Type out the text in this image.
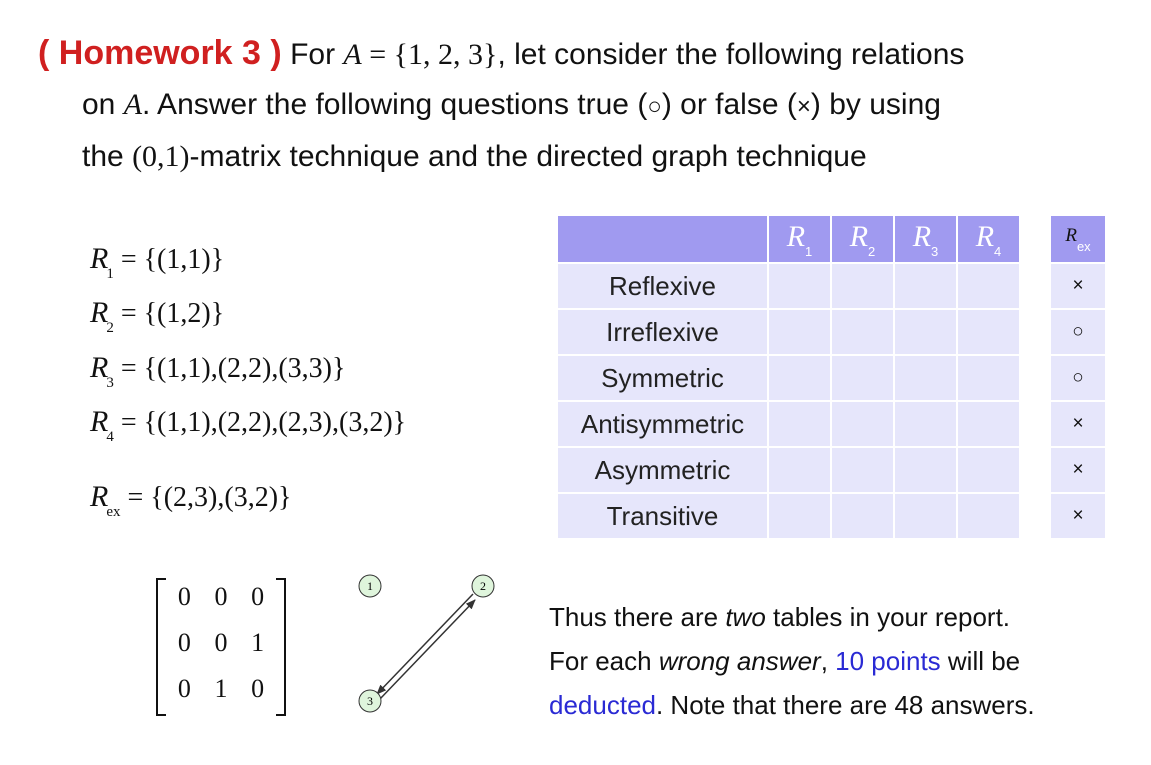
( Homework 3 ) For A = {1, 2, 3}, let consider the following relations
on A. Answer the following questions true (○) or false (×) by using
the (0,1)-matrix technique and the directed graph technique
$R_1 = \{(1,1)\}$
$R_2 = \{(1,2)\}$
$R_3 = \{(1,1),(2,2),(3,3)\}$
$R_4 = \{(1,1),(2,2),(2,3),(3,2)\}$
$R_{ex} = \{(2,3),(3,2)\}$
	$R_1$	$R_2$	$R_3$	$R_4$		$R_{ex}$
Reflexive						×
Irreflexive						○
Symmetric						○
Antisymmetric						×
Asymmetric						×
Transitive						×
0 0 0
0 0 1
0 1 0
1	2
3
Thus there are two tables in your report.
For each wrong answer, 10 points will be
deducted. Note that there are 48 answers.
